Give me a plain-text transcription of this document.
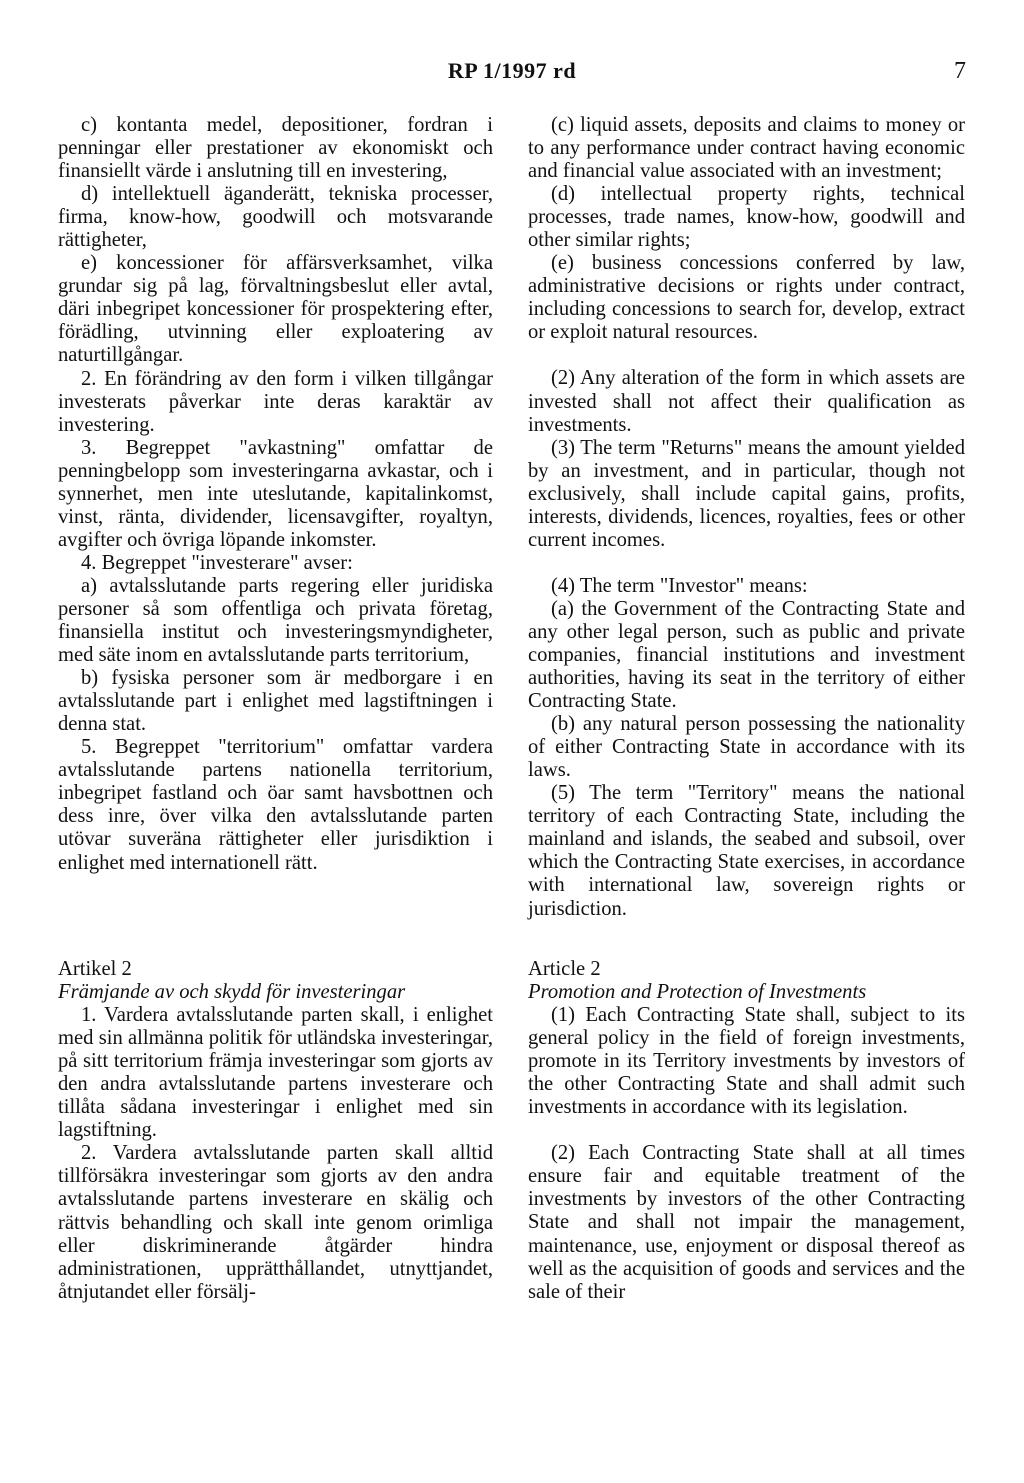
RP 1/1997 rd	7

c) kontanta medel, depositioner, fordran i penningar eller prestationer av ekonomiskt och finansiellt värde i anslutning till en investering,

d) intellektuell äganderätt, tekniska processer, firma, know-how, goodwill och motsvarande rättigheter,

e) koncessioner för affärsverksamhet, vilka grundar sig på lag, förvaltningsbeslut eller avtal, däri inbegripet koncessioner för prospektering efter, förädling, utvinning eller exploatering av naturtillgångar.

2. En förändring av den form i vilken tillgångar investerats påverkar inte deras karaktär av investering.

3. Begreppet "avkastning" omfattar de penningbelopp som investeringarna avkastar, och i synnerhet, men inte uteslutande, kapitalinkomst, vinst, ränta, dividender, licensavgifter, royaltyn, avgifter och övriga löpande inkomster.

4. Begreppet "investerare" avser:

a) avtalsslutande parts regering eller juridiska personer så som offentliga och privata företag, finansiella institut och investeringsmyndigheter, med säte inom en avtalsslutande parts territorium,

b) fysiska personer som är medborgare i en avtalsslutande part i enlighet med lagstiftningen i denna stat.

5. Begreppet "territorium" omfattar vardera avtalsslutande partens nationella territorium, inbegripet fastland och öar samt havsbottnen och dess inre, över vilka den avtalsslutande parten utövar suveräna rättigheter eller jurisdiktion i enlighet med internationell rätt.

(c) liquid assets, deposits and claims to money or to any performance under contract having economic and financial value associated with an investment;

(d) intellectual property rights, technical processes, trade names, know-how, goodwill and other similar rights;

(e) business concessions conferred by law, administrative decisions or rights under contract, including concessions to search for, develop, extract or exploit natural resources.

(2) Any alteration of the form in which assets are invested shall not affect their qualification as investments.

(3) The term "Returns" means the amount yielded by an investment, and in particular, though not exclusively, shall include capital gains, profits, interests, dividends, licences, royalties, fees or other current incomes.

(4) The term "Investor" means:

(a) the Government of the Contracting State and any other legal person, such as public and private companies, financial institutions and investment authorities, having its seat in the territory of either Contracting State.

(b) any natural person possessing the nationality of either Contracting State in accordance with its laws.

(5) The term "Territory" means the national territory of each Contracting State, including the mainland and islands, the seabed and subsoil, over which the Contracting State exercises, in accordance with international law, sovereign rights or jurisdiction.

Artikel 2

Främjande av och skydd för investeringar

1. Vardera avtalsslutande parten skall, i enlighet med sin allmänna politik för utländska investeringar, på sitt territorium främja investeringar som gjorts av den andra avtalsslutande partens investerare och tillåta sådana investeringar i enlighet med sin lagstiftning.

2. Vardera avtalsslutande parten skall alltid tillförsäkra investeringar som gjorts av den andra avtalsslutande partens investerare en skälig och rättvis behandling och skall inte genom orimliga eller diskriminerande åtgärder hindra administrationen, upprätthållandet, utnyttjandet, åtnjutandet eller försälj-

Article 2

Promotion and Protection of Investments

(1) Each Contracting State shall, subject to its general policy in the field of foreign investments, promote in its Territory investments by investors of the other Contracting State and shall admit such investments in accordance with its legislation.

(2) Each Contracting State shall at all times ensure fair and equitable treatment of the investments by investors of the other Contracting State and shall not impair the management, maintenance, use, enjoyment or disposal thereof as well as the acquisition of goods and services and the sale of their
